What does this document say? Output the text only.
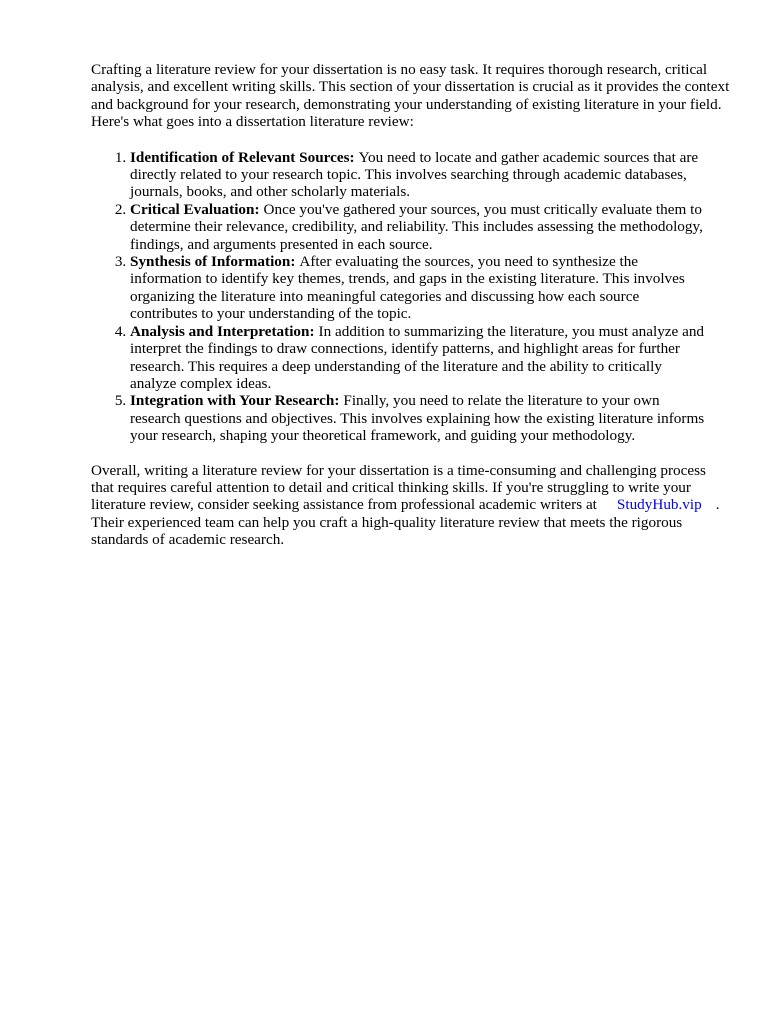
Crafting a literature review for your dissertation is no easy task. It requires thorough research, critical analysis, and excellent writing skills. This section of your dissertation is crucial as it provides the context and background for your research, demonstrating your understanding of existing literature in your field. Here's what goes into a dissertation literature review:

1. Identification of Relevant Sources: You need to locate and gather academic sources that are directly related to your research topic. This involves searching through academic databases, journals, books, and other scholarly materials.
2. Critical Evaluation: Once you've gathered your sources, you must critically evaluate them to determine their relevance, credibility, and reliability. This includes assessing the methodology, findings, and arguments presented in each source.
3. Synthesis of Information: After evaluating the sources, you need to synthesize the information to identify key themes, trends, and gaps in the existing literature. This involves organizing the literature into meaningful categories and discussing how each source contributes to your understanding of the topic.
4. Analysis and Interpretation: In addition to summarizing the literature, you must analyze and interpret the findings to draw connections, identify patterns, and highlight areas for further research. This requires a deep understanding of the literature and the ability to critically analyze complex ideas.
5. Integration with Your Research: Finally, you need to relate the literature to your own research questions and objectives. This involves explaining how the existing literature informs your research, shaping your theoretical framework, and guiding your methodology.

Overall, writing a literature review for your dissertation is a time-consuming and challenging process that requires careful attention to detail and critical thinking skills. If you're struggling to write your literature review, consider seeking assistance from professional academic writers at StudyHub.vip . Their experienced team can help you craft a high-quality literature review that meets the rigorous standards of academic research.
